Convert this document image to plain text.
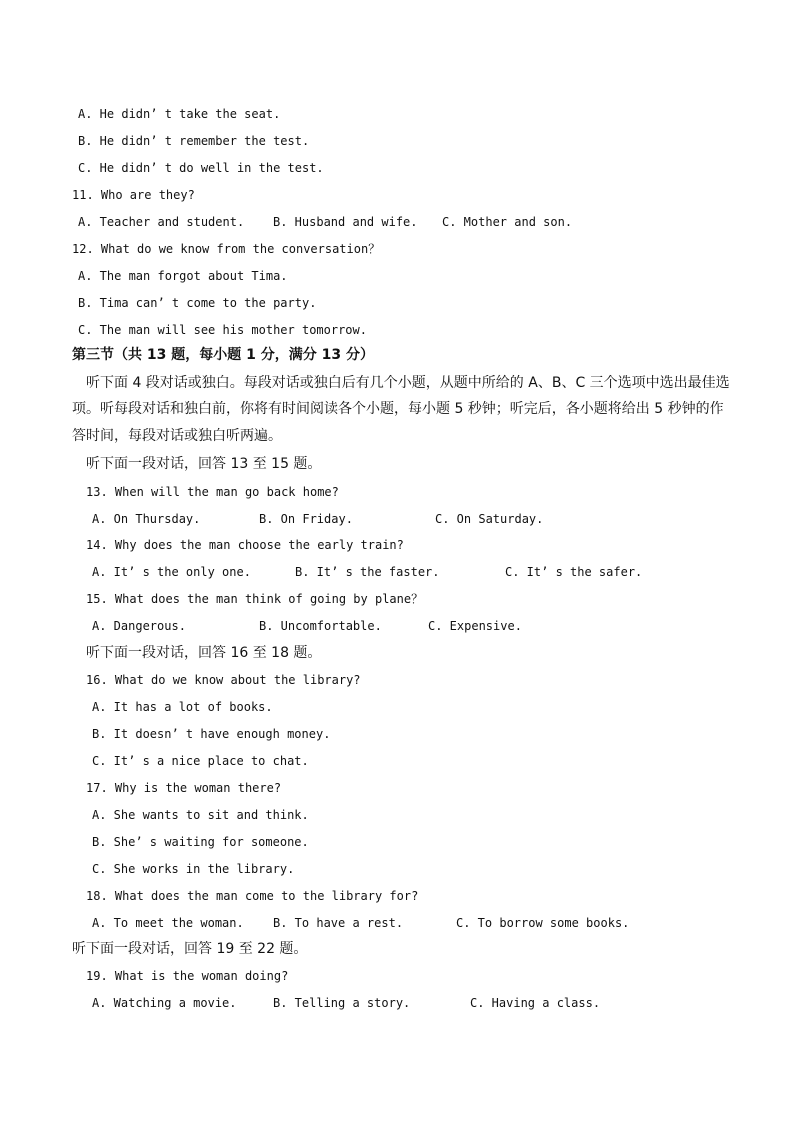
A. He didn’ t take the seat.
B. He didn’ t remember the test.
C. He didn’ t do well in the test.
11. Who are they?
A. Teacher and student. B. Husband and wife. C. Mother and son.
12. What do we know from the conversation？
A. The man forgot about Tima.
B. Tima can’ t come to the party.
C. The man will see his mother tomorrow.
第三节（共 13 题，每小题 1 分，满分 13 分）
听下面 4 段对话或独白。每段对话或独白后有几个小题，从题中所给的 A、B、C 三个选项中选出最佳选
项。听每段对话和独白前，你将有时间阅读各个小题，每小题 5 秒钟；听完后，各小题将给出 5 秒钟的作
答时间，每段对话或独白听两遍。
听下面一段对话，回答 13 至 15 题。
13. When will the man go back home?
A. On Thursday.	B. On Friday.	C. On Saturday.
14. Why does the man choose the early train?
A. It’ s the only one.	B. It’ s the faster.	C. It’ s the safer.
15. What does the man think of going by plane？
A. Dangerous.	B. Uncomfortable.	C. Expensive.
听下面一段对话，回答 16 至 18 题。
16. What do we know about the library?
A. It has a lot of books.
B. It doesn’ t have enough money.
C. It’ s a nice place to chat.
17. Why is the woman there?
A. She wants to sit and think.
B. She’ s waiting for someone.
C. She works in the library.
18. What does the man come to the library for?
A. To meet the woman. B. To have a rest.	C. To borrow some books.
听下面一段对话，回答 19 至 22 题。
19. What is the woman doing?
A. Watching a movie.	B. Telling a story.	C. Having a class.
